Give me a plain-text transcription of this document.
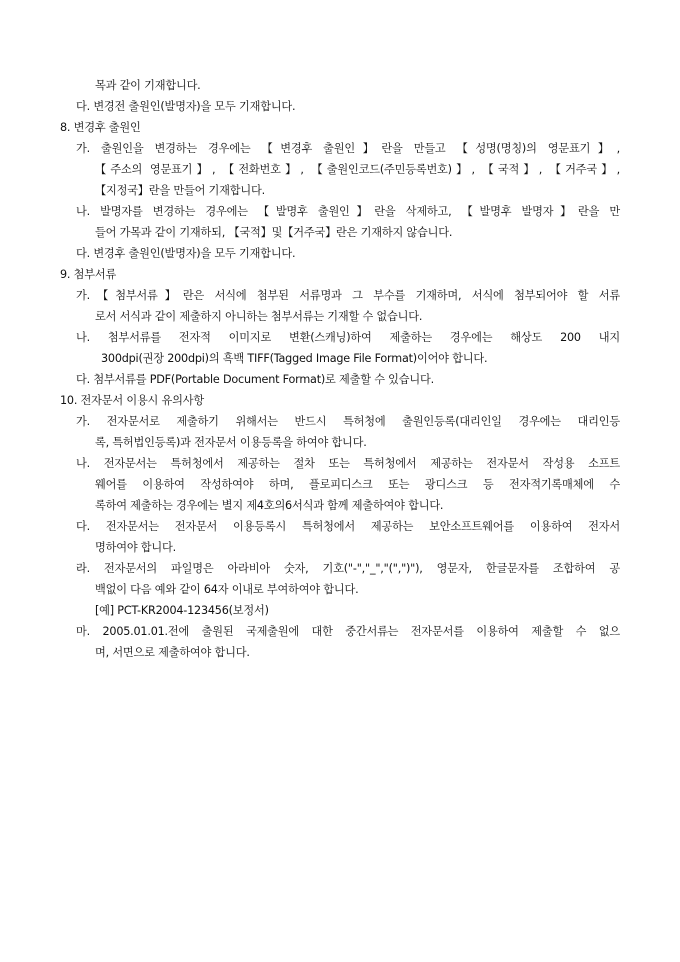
목과 같이 기재합니다.
다. 변경전 출원인(발명자)을 모두 기재합니다.
8. 변경후 출원인
가. 출원인을 변경하는 경우에는 【변경후 출원인】란을 만들고 【성명(명칭)의 영문표기】,
【주소의 영문표기】, 【전화번호】, 【출원인코드(주민등록번호)】, 【국적】, 【거주국】,
【지정국】란을 만들어 기재합니다.
나. 발명자를 변경하는 경우에는 【발명후 출원인】란을 삭제하고, 【발명후 발명자】란을 만
들어 가목과 같이 기재하되, 【국적】및【거주국】란은 기재하지 않습니다.
다. 변경후 출원인(발명자)을 모두 기재합니다.
9. 첨부서류
가.【첨부서류】란은 서식에 첨부된 서류명과 그 부수를 기재하며, 서식에 첨부되어야 할 서류
로서 서식과 같이 제출하지 아니하는 첨부서류는 기재할 수 없습니다.
나. 첨부서류를 전자적 이미지로 변환(스캐닝)하여 제출하는 경우에는 해상도 200 내지
300dpi(권장 200dpi)의 흑백 TIFF(Tagged Image File Format)이어야 합니다.
다. 첨부서류를 PDF(Portable Document Format)로 제출할 수 있습니다.
10. 전자문서 이용시 유의사항
가. 전자문서로 제출하기 위해서는 반드시 특허청에 출원인등록(대리인일 경우에는 대리인등
록, 특허법인등록)과 전자문서 이용등록을 하여야 합니다.
나. 전자문서는 특허청에서 제공하는 절차 또는 특허청에서 제공하는 전자문서 작성용 소프트
웨어를 이용하여 작성하여야 하며, 플로피디스크 또는 광디스크 등 전자적기록매체에 수
록하여 제출하는 경우에는 별지 제4호의6서식과 함께 제출하여야 합니다.
다. 전자문서는 전자문서 이용등록시 특허청에서 제공하는 보안소프트웨어를 이용하여 전자서
명하여야 합니다.
라. 전자문서의 파일명은 아라비아 숫자, 기호("-","_","(",")"), 영문자, 한글문자를 조합하여 공
백없이 다음 예와 같이 64자 이내로 부여하여야 합니다.
[예] PCT-KR2004-123456(보정서)
마. 2005.01.01.전에 출원된 국제출원에 대한 중간서류는 전자문서를 이용하여 제출할 수 없으
며, 서면으로 제출하여야 합니다.
